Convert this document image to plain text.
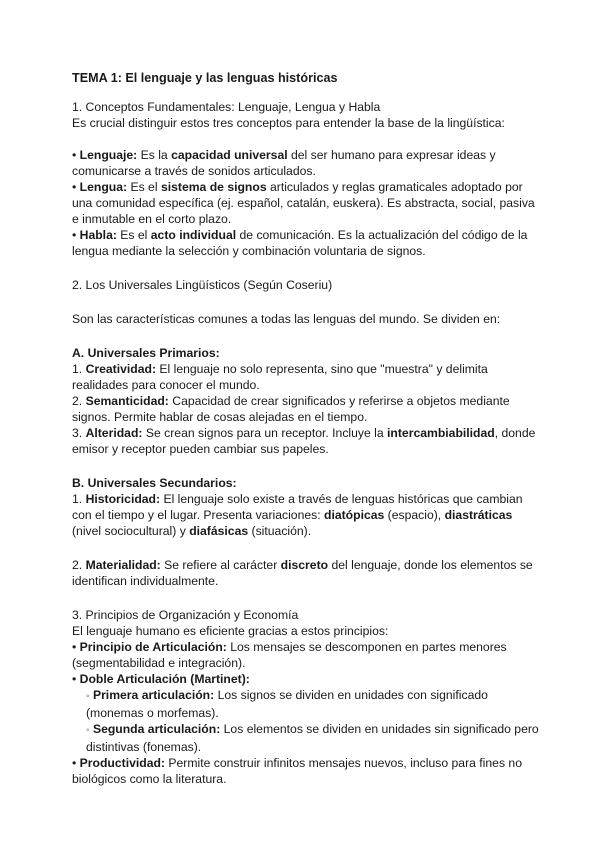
TEMA 1: El lenguaje y las lenguas históricas

1. Conceptos Fundamentales: Lenguaje, Lengua y Habla

Es crucial distinguir estos tres conceptos para entender la base de la lingüística:

• Lenguaje: Es la capacidad universal del ser humano para expresar ideas y comunicarse a través de sonidos articulados.

• Lengua: Es el sistema de signos articulados y reglas gramaticales adoptado por una comunidad específica (ej. español, catalán, euskera). Es abstracta, social, pasiva e inmutable en el corto plazo.

• Habla: Es el acto individual de comunicación. Es la actualización del código de la lengua mediante la selección y combinación voluntaria de signos.

2. Los Universales Lingüísticos (Según Coseriu)

Son las características comunes a todas las lenguas del mundo. Se dividen en:

A. Universales Primarios:

1. Creatividad: El lenguaje no solo representa, sino que "muestra" y delimita realidades para conocer el mundo.

2. Semanticidad: Capacidad de crear significados y referirse a objetos mediante signos. Permite hablar de cosas alejadas en el tiempo.

3. Alteridad: Se crean signos para un receptor. Incluye la intercambiabilidad, donde emisor y receptor pueden cambiar sus papeles.

B. Universales Secundarios:

1. Historicidad: El lenguaje solo existe a través de lenguas históricas que cambian con el tiempo y el lugar. Presenta variaciones: diatópicas (espacio), diastráticas (nivel sociocultural) y diafásicas (situación).

2. Materialidad: Se refiere al carácter discreto del lenguaje, donde los elementos se identifican individualmente.

3. Principios de Organización y Economía

El lenguaje humano es eficiente gracias a estos principios:

• Principio de Articulación: Los mensajes se descomponen en partes menores (segmentabilidad e integración).

• Doble Articulación (Martinet):

◦ Primera articulación: Los signos se dividen en unidades con significado (monemas o morfemas).

◦ Segunda articulación: Los elementos se dividen en unidades sin significado pero distintivas (fonemas).

• Productividad: Permite construir infinitos mensajes nuevos, incluso para fines no biológicos como la literatura.
